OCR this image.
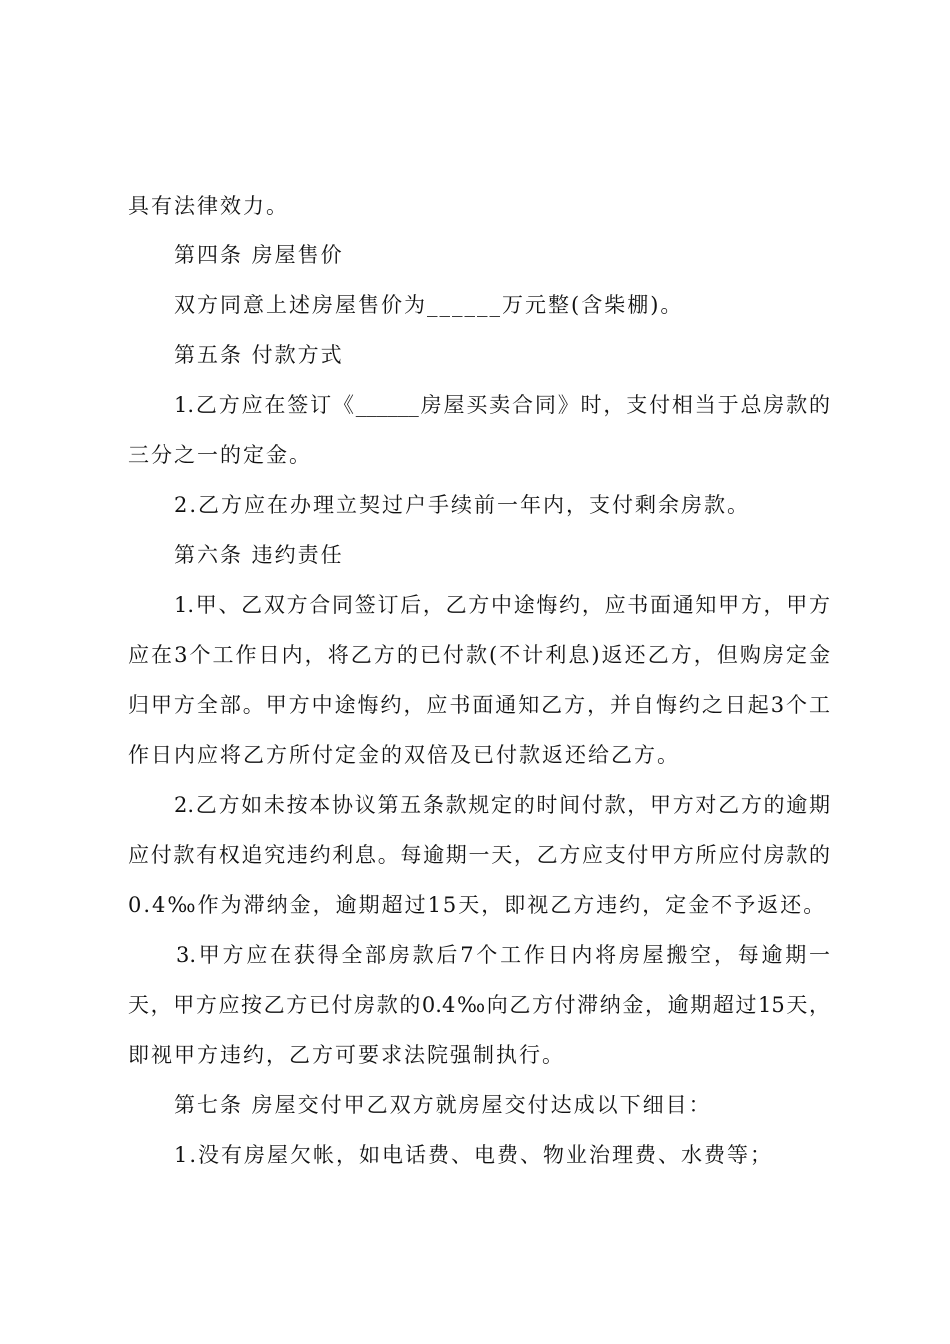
具有法律效力。
第四条 房屋售价
双方同意上述房屋售价为______万元整(含柴棚)。
第五条 付款方式
1.乙方应在签订《______房屋买卖合同》时，支付相当于总房款的
三分之一的定金。
2.乙方应在办理立契过户手续前一年内，支付剩余房款。
第六条 违约责任
1.甲、乙双方合同签订后，乙方中途悔约，应书面通知甲方，甲方
应在3个工作日内，将乙方的已付款(不计利息)返还乙方，但购房定金
归甲方全部。甲方中途悔约，应书面通知乙方，并自悔约之日起3个工
作日内应将乙方所付定金的双倍及已付款返还给乙方。
2.乙方如未按本协议第五条款规定的时间付款，甲方对乙方的逾期
应付款有权追究违约利息。每逾期一天，乙方应支付甲方所应付房款的
0.4‰作为滞纳金，逾期超过15天，即视乙方违约，定金不予返还。
3.甲方应在获得全部房款后7个工作日内将房屋搬空，每逾期一
天，甲方应按乙方已付房款的0.4‰向乙方付滞纳金，逾期超过15天，
即视甲方违约，乙方可要求法院强制执行。
第七条 房屋交付甲乙双方就房屋交付达成以下细目：
1.没有房屋欠帐，如电话费、电费、物业治理费、水费等；
